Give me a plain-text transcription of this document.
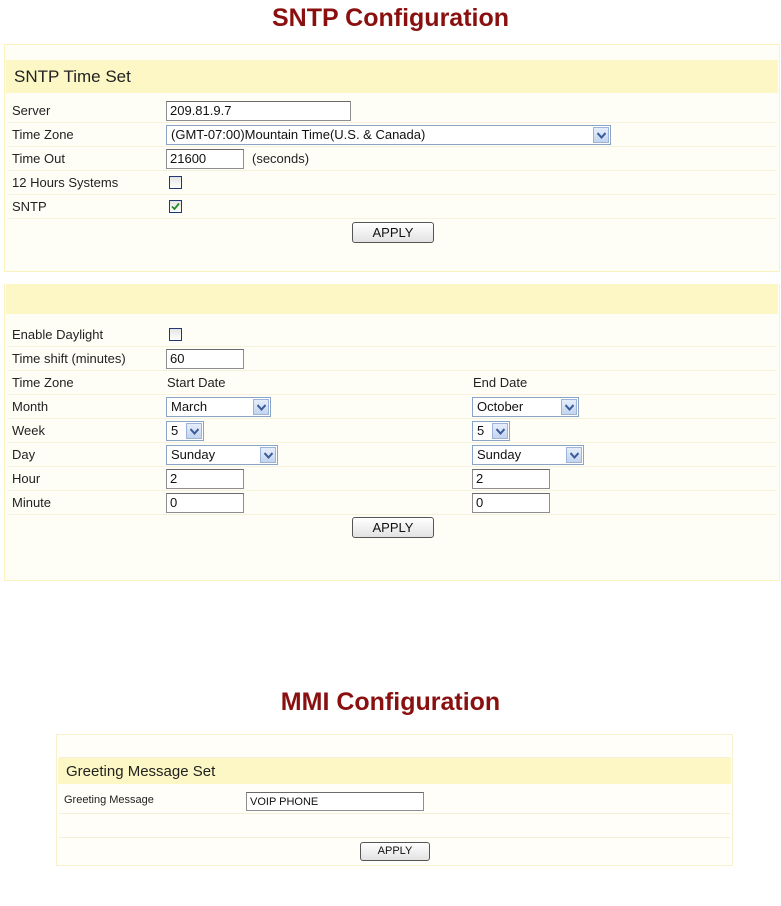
SNTP Configuration
SNTP Time Set
Server	209.81.9.7
Time Zone	(GMT-07:00)Mountain Time(U.S. & Canada)
Time Out	21600	(seconds)
12 Hours Systems
SNTP
APPLY
Enable Daylight
Time shift (minutes)	60
Time Zone	Start Date	End Date
Month	March	October
Week	5	5
Day	Sunday	Sunday
Hour	2	2
Minute	0	0
APPLY
MMI Configuration
Greeting Message Set
Greeting Message	VOIP PHONE
APPLY
